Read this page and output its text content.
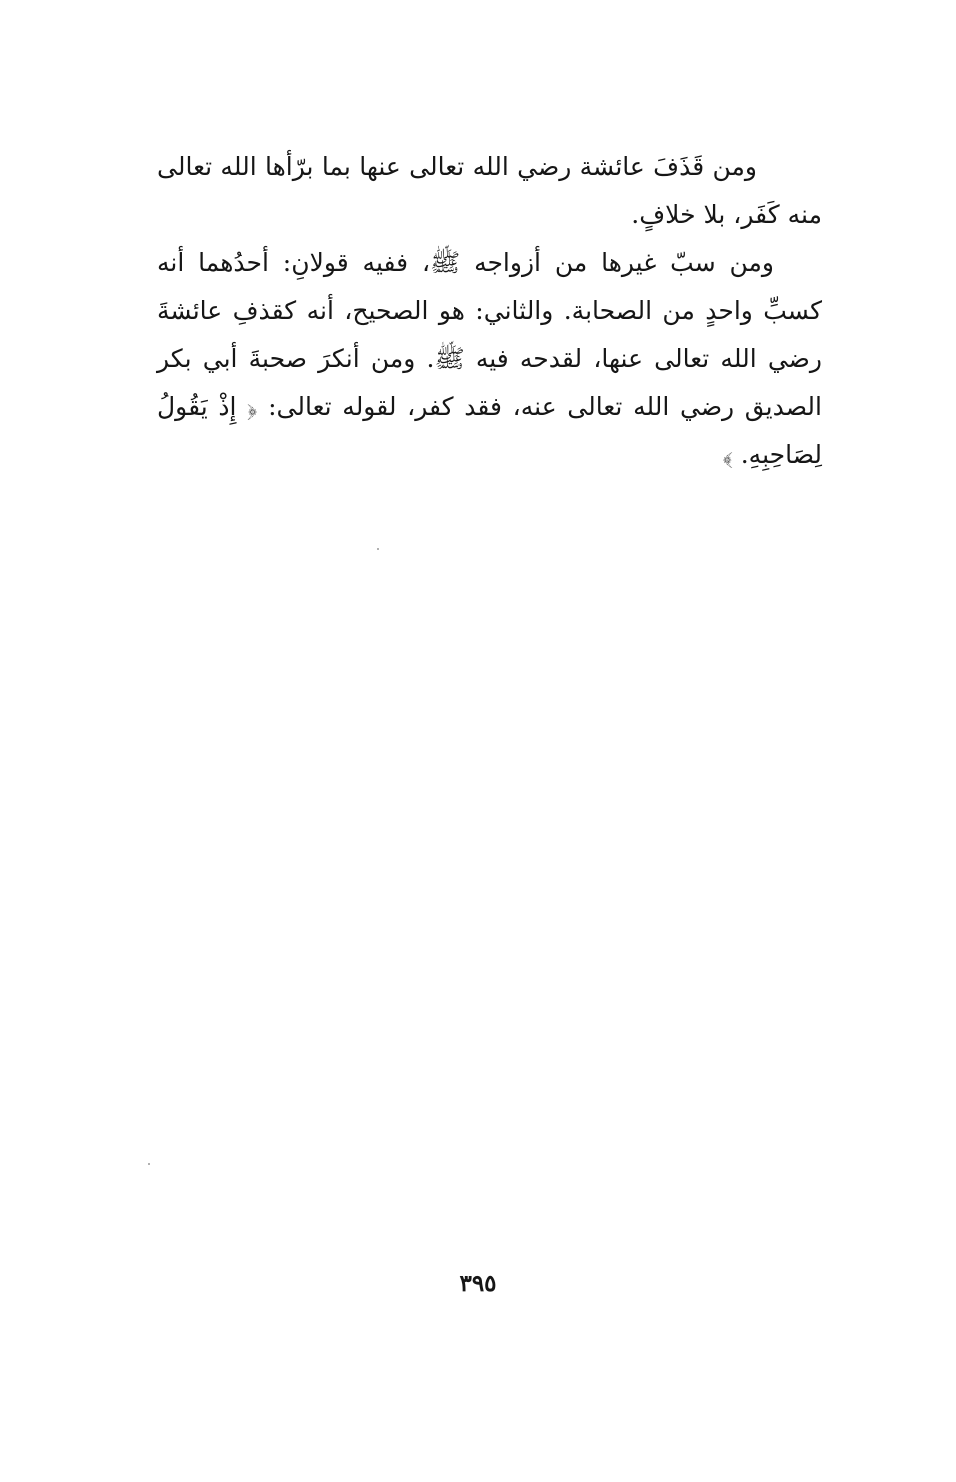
ومن قَذَفَ عائشة رضي الله تعالى عنها بما برّأها الله تعالى منه كَفَر، بلا خلافٍ.

ومن سبّ غيرها من أزواجه ﷺ، ففيه قولانِ: أحدُهما أنه كسبِّ واحدٍ من الصحابة. والثاني: هو الصحيح، أنه كقذفِ عائشةَ رضي الله تعالى عنها، لقدحه فيه ﷺ. ومن أنكرَ صحبةَ أبي بكر الصديق رضي الله تعالى عنه، فقد كفر، لقوله تعالى: ﴿ إِذْ يَقُولُ لِصَاحِبِهِ. ﴾

٣٩٥
